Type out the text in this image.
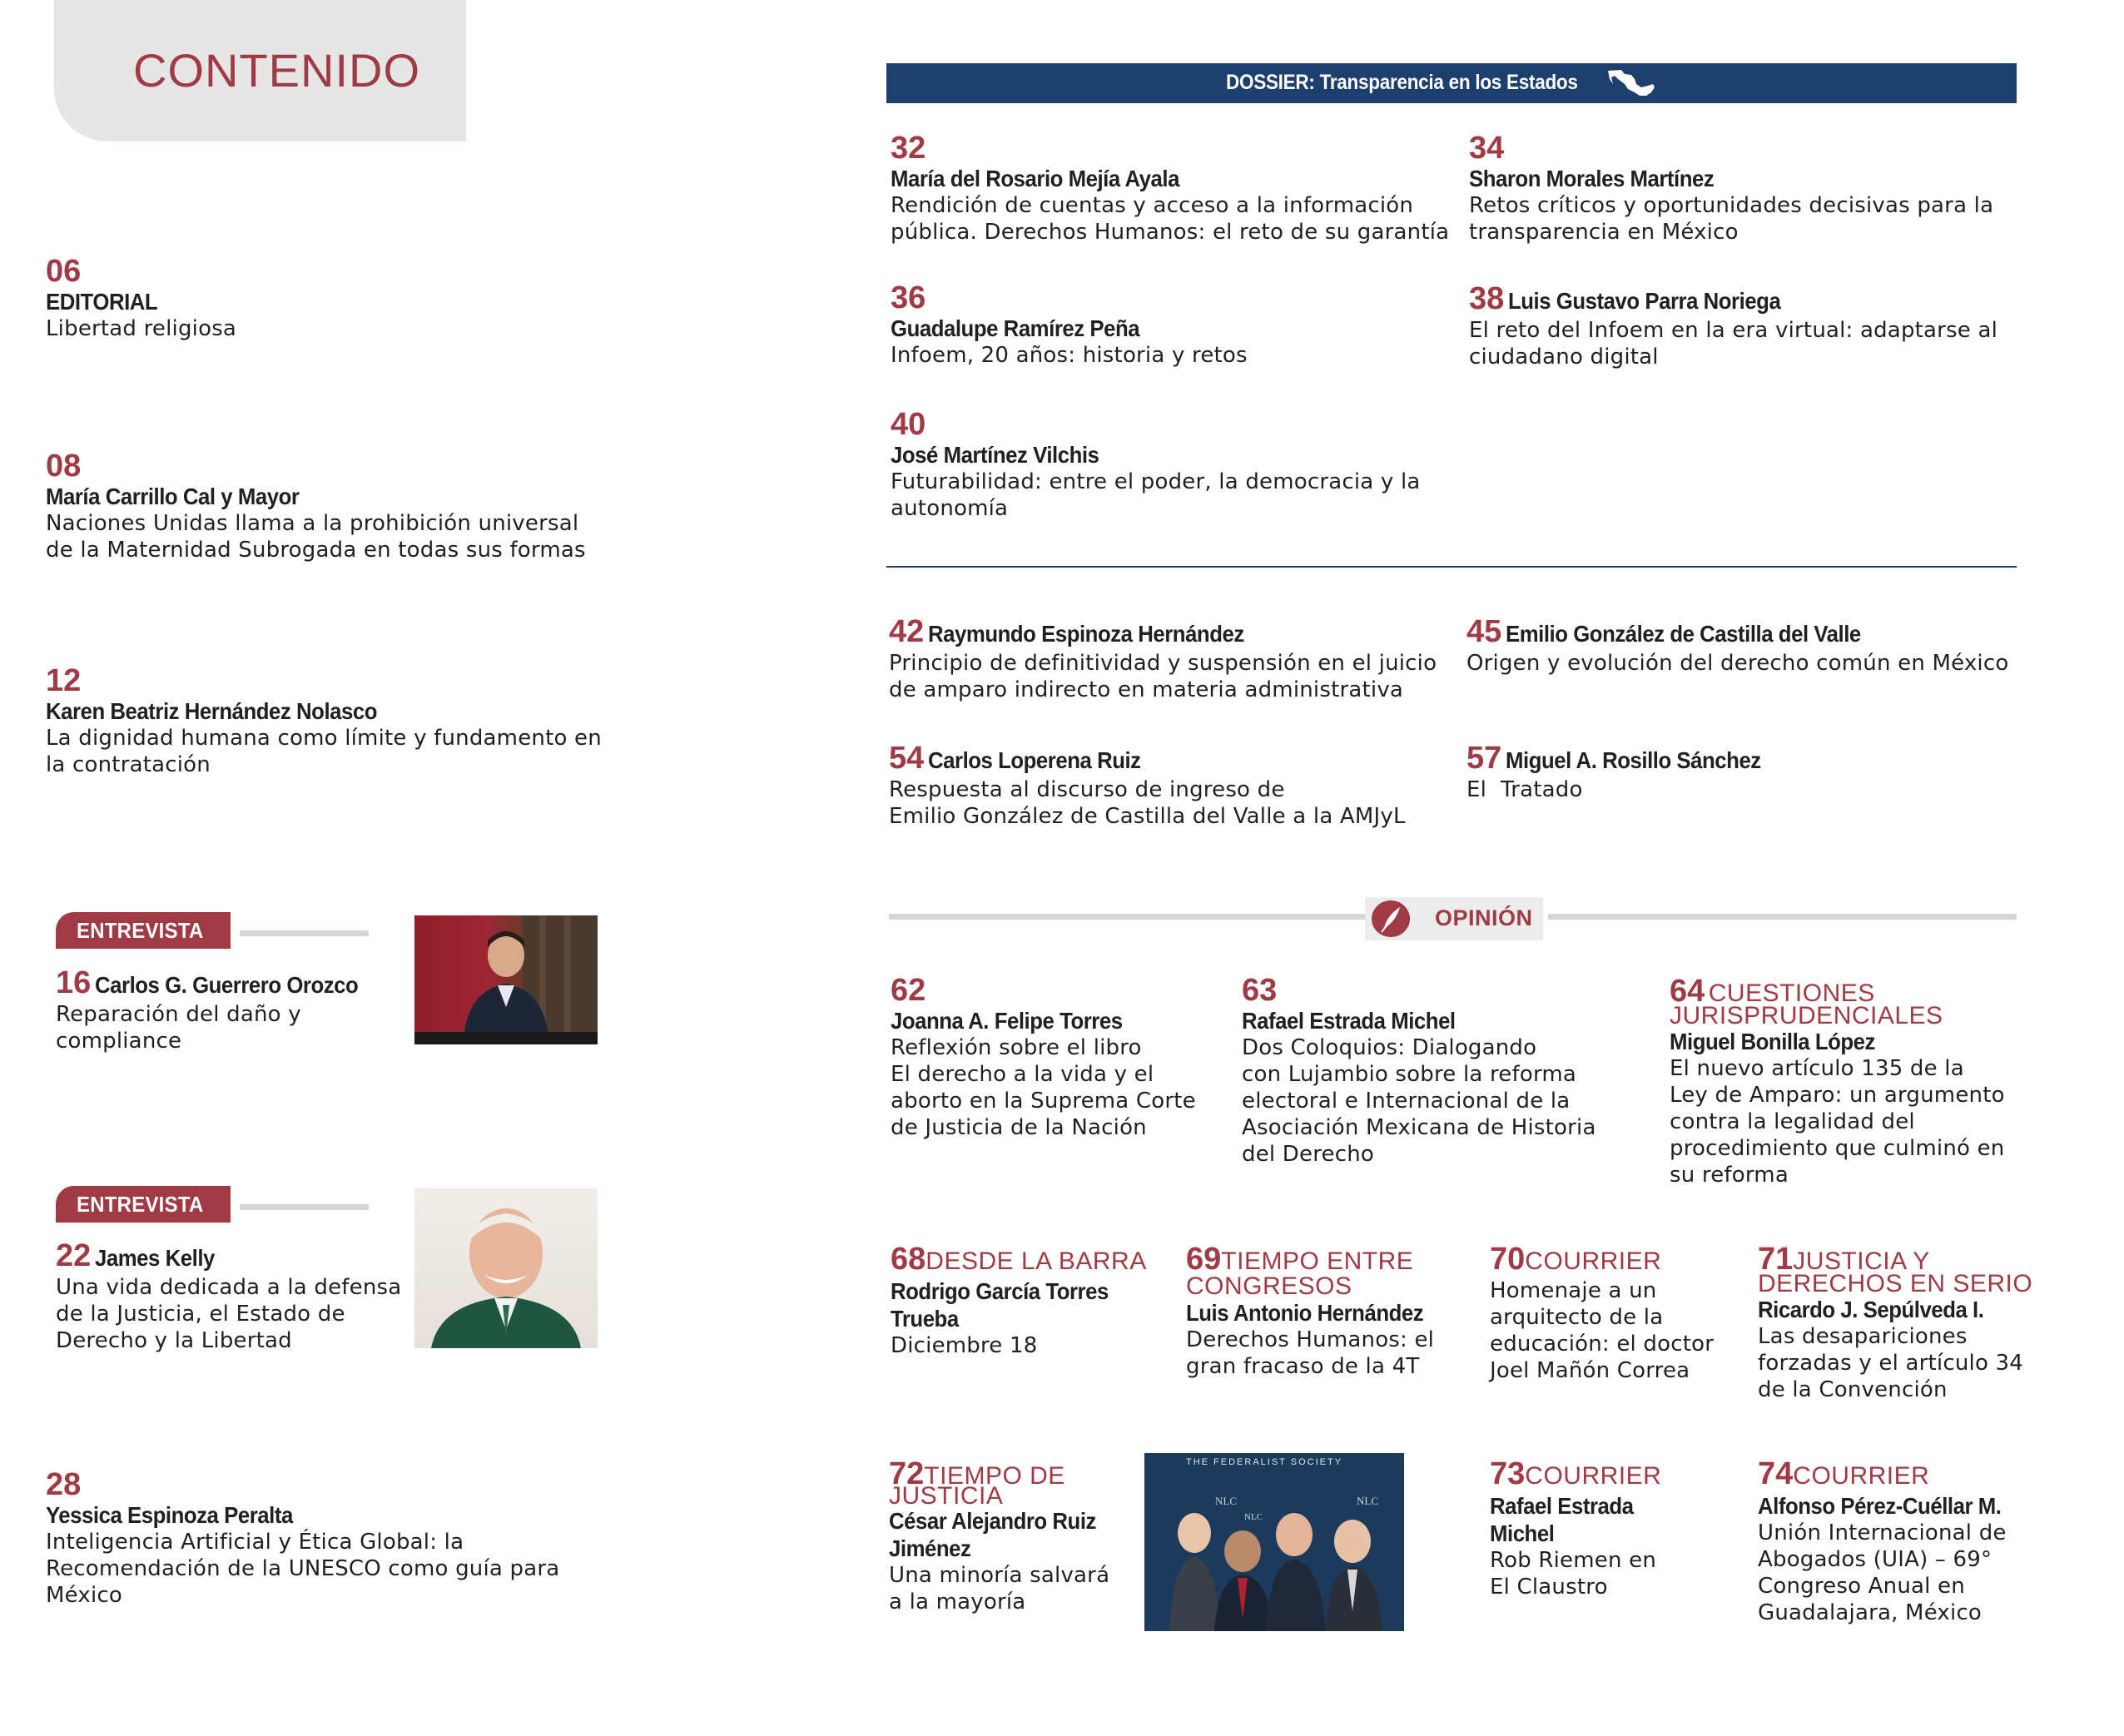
CONTENIDO	DOSSIER: Transparencia en los Estados
06
EDITORIAL
Libertad religiosa
08
María Carrillo Cal y Mayor
Naciones Unidas llama a la prohibición universal
de la Maternidad Subrogada en todas sus formas
12
Karen Beatriz Hernández Nolasco
La dignidad humana como límite y fundamento en
la contratación
ENTREVISTA
16 Carlos G. Guerrero Orozco
Reparación del daño y
compliance
ENTREVISTA
22 James Kelly
Una vida dedicada a la defensa
de la Justicia, el Estado de
Derecho y la Libertad
28
Yessica Espinoza Peralta
Inteligencia Artificial y Ética Global: la
Recomendación de la UNESCO como guía para
México
32
María del Rosario Mejía Ayala
Rendición de cuentas y acceso a la información
pública. Derechos Humanos: el reto de su garantía
34
Sharon Morales Martínez
Retos críticos y oportunidades decisivas para la
transparencia en México
36
Guadalupe Ramírez Peña
Infoem, 20 años: historia y retos
38 Luis Gustavo Parra Noriega
El reto del Infoem en la era virtual: adaptarse al
ciudadano digital
40
José Martínez Vilchis
Futurabilidad: entre el poder, la democracia y la
autonomía
42 Raymundo Espinoza Hernández
Principio de definitividad y suspensión en el juicio
de amparo indirecto en materia administrativa
45 Emilio González de Castilla del Valle
Origen y evolución del derecho común en México
54 Carlos Loperena Ruiz
Respuesta al discurso de ingreso de
Emilio González de Castilla del Valle a la AMJyL
57 Miguel A. Rosillo Sánchez
El  Tratado
OPINIÓN
62
Joanna A. Felipe Torres
Reflexión sobre el libro
El derecho a la vida y el
aborto en la Suprema Corte
de Justicia de la Nación
63
Rafael Estrada Michel
Dos Coloquios: Dialogando
con Lujambio sobre la reforma
electoral e Internacional de la
Asociación Mexicana de Historia
del Derecho
64 CUESTIONES
JURISPRUDENCIALES
Miguel Bonilla López
El nuevo artículo 135 de la
Ley de Amparo: un argumento
contra la legalidad del
procedimiento que culminó en
su reforma
68DESDE LA BARRA
Rodrigo García Torres
Trueba
Diciembre 18
69TIEMPO ENTRE
CONGRESOS
Luis Antonio Hernández
Derechos Humanos: el
gran fracaso de la 4T
70COURRIER
Homenaje a un
arquitecto de la
educación: el doctor
Joel Mañón Correa
71JUSTICIA Y
DERECHOS EN SERIO
Ricardo J. Sepúlveda I.
Las desapariciones
forzadas y el artículo 34
de la Convención
72TIEMPO DE
JUSTICIA
César Alejandro Ruiz
Jiménez
Una minoría salvará
a la mayoría
THE FEDERALIST SOCIETY
NLC
NLC
NLC
73COURRIER
Rafael Estrada
Michel
Rob Riemen en
El Claustro
74COURRIER
Alfonso Pérez-Cuéllar M.
Unión Internacional de
Abogados (UIA) – 69°
Congreso Anual en
Guadalajara, México
